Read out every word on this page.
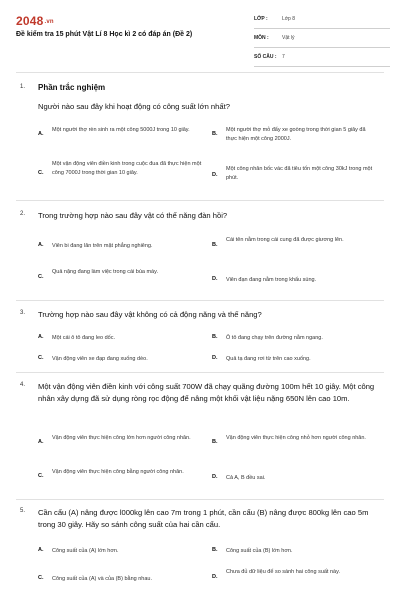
2048.vn
Đề kiểm tra 15 phút Vật Lí 8 Học kì 2 có đáp án (Đề 2)
LỚP :	Lớp 8
MÔN :	Vật lý
SỐ CÂU : 7
1. Phần trắc nghiệm
Người nào sau đây khi hoạt động có công suất lớn nhất?
A.
Một người thợ rèn sinh ra một công 5000J trong 10 giây.
B.
Một người thợ mỏ đẩy xe goòng trong thời gian 5 giây đã thực hiện một công 2000J.
C.
Một vận động viên điền kinh trong cuộc đua đã thực hiện một công 7000J trong thời gian 10 giây.	D.
Một công nhân bốc vác đã tiêu tốn một công 30kJ trong một phút.
2. Trong trường hợp nào sau đây vật có thế năng đàn hồi?
A. Viên bi đang lăn trên mặt phẳng nghiêng.	B.
Cái tên nằm trong cái cung đã được giương lên.
C.
Quả nặng đang làm việc trong cái búa máy.
D. Viên đạn đang nằm trong khẩu súng.
3. Trường hợp nào sau đây vật không có cả động năng và thế năng?
A. Một cái ô tô đang leo dốc.	B. Ô tô đang chạy trên đường nằm ngang.
C. Vận động viên xe đạp đang xuống dèo.	D. Quả tạ đang rơi từ trên cao xuống.
4. Một vận động viên điền kinh với công suất 700W đã chạy quãng đường 100m hết 10 giây. Một công nhân xây dựng đã sử dụng ròng rọc động để nâng một khối vật liệu nặng 650N lên cao 10m.
A.
Vận động viên thực hiện công lớn hơn người công nhân.
B.
Vận động viên thực hiện công nhỏ hơn người công nhân.
C.
Vận động viên thực hiện công bằng người công nhân.
D. Cả A, B đều sai.
5. Cần cẩu (A) nâng được l000kg lên cao 7m trong 1 phút, cần cẩu (B) nâng được 800kg lên cao 5m trong 30 giây. Hãy so sánh công suất của hai cần cẩu.
A. Công suất của (A) lớn hơn.	B. Công suất của (B) lớn hơn.
C. Công suất của (A) và của (B) bằng nhau.	D.
Chưa đủ dữ liệu để so sánh hai công suất này.
